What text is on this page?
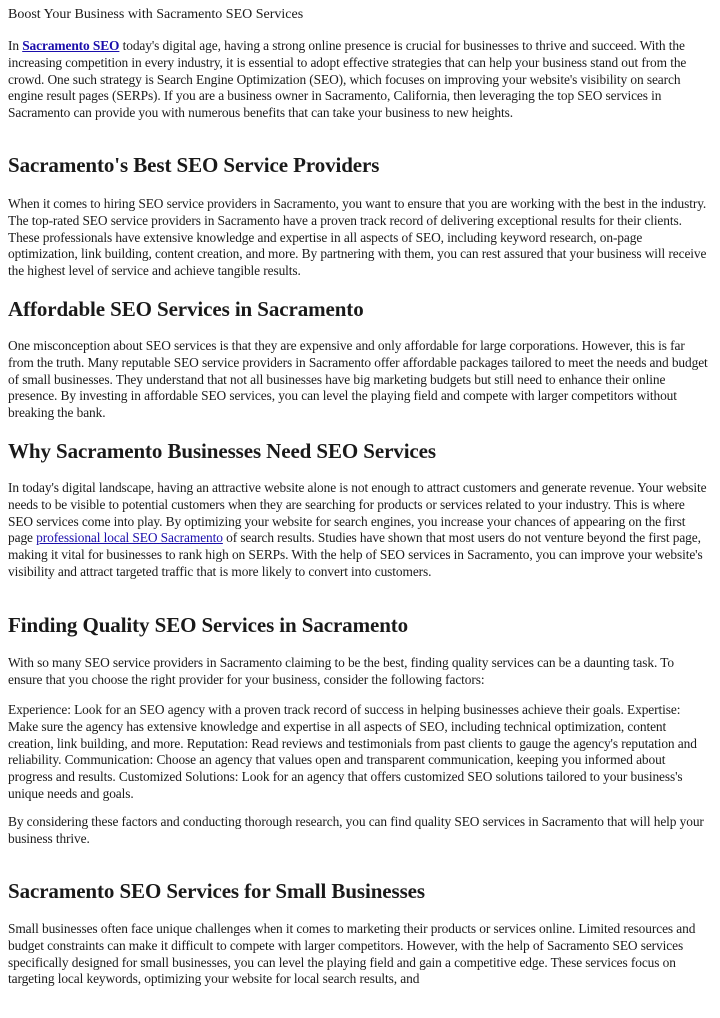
Boost Your Business with Sacramento SEO Services

In Sacramento SEO today's digital age, having a strong online presence is crucial for businesses to thrive and succeed. With the increasing competition in every industry, it is essential to adopt effective strategies that can help your business stand out from the crowd. One such strategy is Search Engine Optimization (SEO), which focuses on improving your website's visibility on search engine result pages (SERPs). If you are a business owner in Sacramento, California, then leveraging the top SEO services in Sacramento can provide you with numerous benefits that can take your business to new heights.

Sacramento's Best SEO Service Providers

When it comes to hiring SEO service providers in Sacramento, you want to ensure that you are working with the best in the industry. The top-rated SEO service providers in Sacramento have a proven track record of delivering exceptional results for their clients. These professionals have extensive knowledge and expertise in all aspects of SEO, including keyword research, on-page optimization, link building, content creation, and more. By partnering with them, you can rest assured that your business will receive the highest level of service and achieve tangible results.

Affordable SEO Services in Sacramento

One misconception about SEO services is that they are expensive and only affordable for large corporations. However, this is far from the truth. Many reputable SEO service providers in Sacramento offer affordable packages tailored to meet the needs and budget of small businesses. They understand that not all businesses have big marketing budgets but still need to enhance their online presence. By investing in affordable SEO services, you can level the playing field and compete with larger competitors without breaking the bank.

Why Sacramento Businesses Need SEO Services

In today's digital landscape, having an attractive website alone is not enough to attract customers and generate revenue. Your website needs to be visible to potential customers when they are searching for products or services related to your industry. This is where SEO services come into play. By optimizing your website for search engines, you increase your chances of appearing on the first page professional local SEO Sacramento of search results. Studies have shown that most users do not venture beyond the first page, making it vital for businesses to rank high on SERPs. With the help of SEO services in Sacramento, you can improve your website's visibility and attract targeted traffic that is more likely to convert into customers.

Finding Quality SEO Services in Sacramento

With so many SEO service providers in Sacramento claiming to be the best, finding quality services can be a daunting task. To ensure that you choose the right provider for your business, consider the following factors:

Experience: Look for an SEO agency with a proven track record of success in helping businesses achieve their goals. Expertise: Make sure the agency has extensive knowledge and expertise in all aspects of SEO, including technical optimization, content creation, link building, and more. Reputation: Read reviews and testimonials from past clients to gauge the agency's reputation and reliability. Communication: Choose an agency that values open and transparent communication, keeping you informed about progress and results. Customized Solutions: Look for an agency that offers customized SEO solutions tailored to your business's unique needs and goals.

By considering these factors and conducting thorough research, you can find quality SEO services in Sacramento that will help your business thrive.

Sacramento SEO Services for Small Businesses

Small businesses often face unique challenges when it comes to marketing their products or services online. Limited resources and budget constraints can make it difficult to compete with larger competitors. However, with the help of Sacramento SEO services specifically designed for small businesses, you can level the playing field and gain a competitive edge. These services focus on targeting local keywords, optimizing your website for local search results, and
